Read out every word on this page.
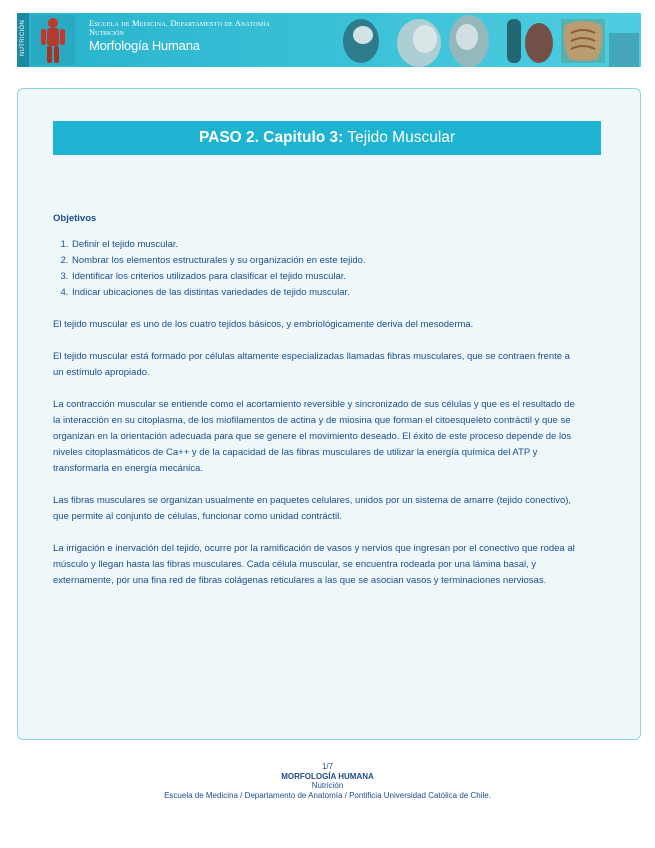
NUTRICIÓN	Escuela de Medicina. Departamento de Anatomía
Nutrición
Morfología Humana
PASO 2. Capitulo 3: Tejido Muscular
Objetivos
1. Definir el tejido muscular.
2. Nombrar los elementos estructurales y su organización en este tejido.
3. Identificar los criterios utilizados para clasificar el tejido muscular.
4. Indicar ubicaciones de las distintas variedades de tejido muscular.

El tejido muscular es uno de los cuatro tejidos básicos, y embriológicamente deriva del mesoderma.

El tejido muscular está formado por células altamente especializadas llamadas fibras musculares, que se contraen frente a un estímulo apropiado.

La contracción muscular se entiende como el acortamiento reversible y sincronizado de sus células y que es el resultado de la interacción en su citoplasma, de los miofilamentos de actina y de miosina que forman el citoesqueleto contráctil y que se organizan en la orientación adecuada para que se genere el movimiento deseado. El éxito de este proceso depende de los niveles citoplasmáticos de Ca++ y de la capacidad de las fibras musculares de utilizar la energía química del ATP y transformarla en energía mecánica.

Las fibras musculares se organizan usualmente en paquetes celulares, unidos por un sistema de amarre (tejido conectivo), que permite al conjunto de células, funcionar como unidad contráctil.

La irrigación e inervación del tejido, ocurre por la ramificación de vasos y nervios que ingresan por el conectivo que rodea al músculo y llegan hasta las fibras musculares. Cada célula muscular, se encuentra rodeada por una lámina basal, y externamente, por una fina red de fibras colágenas reticulares a las que se asocian vasos y terminaciones nerviosas.

1/7
MORFOLOGÍA HUMANA
Nutrición
Escuela de Medicina / Departamento de Anatomía / Pontificia Universidad Católica de Chile.
